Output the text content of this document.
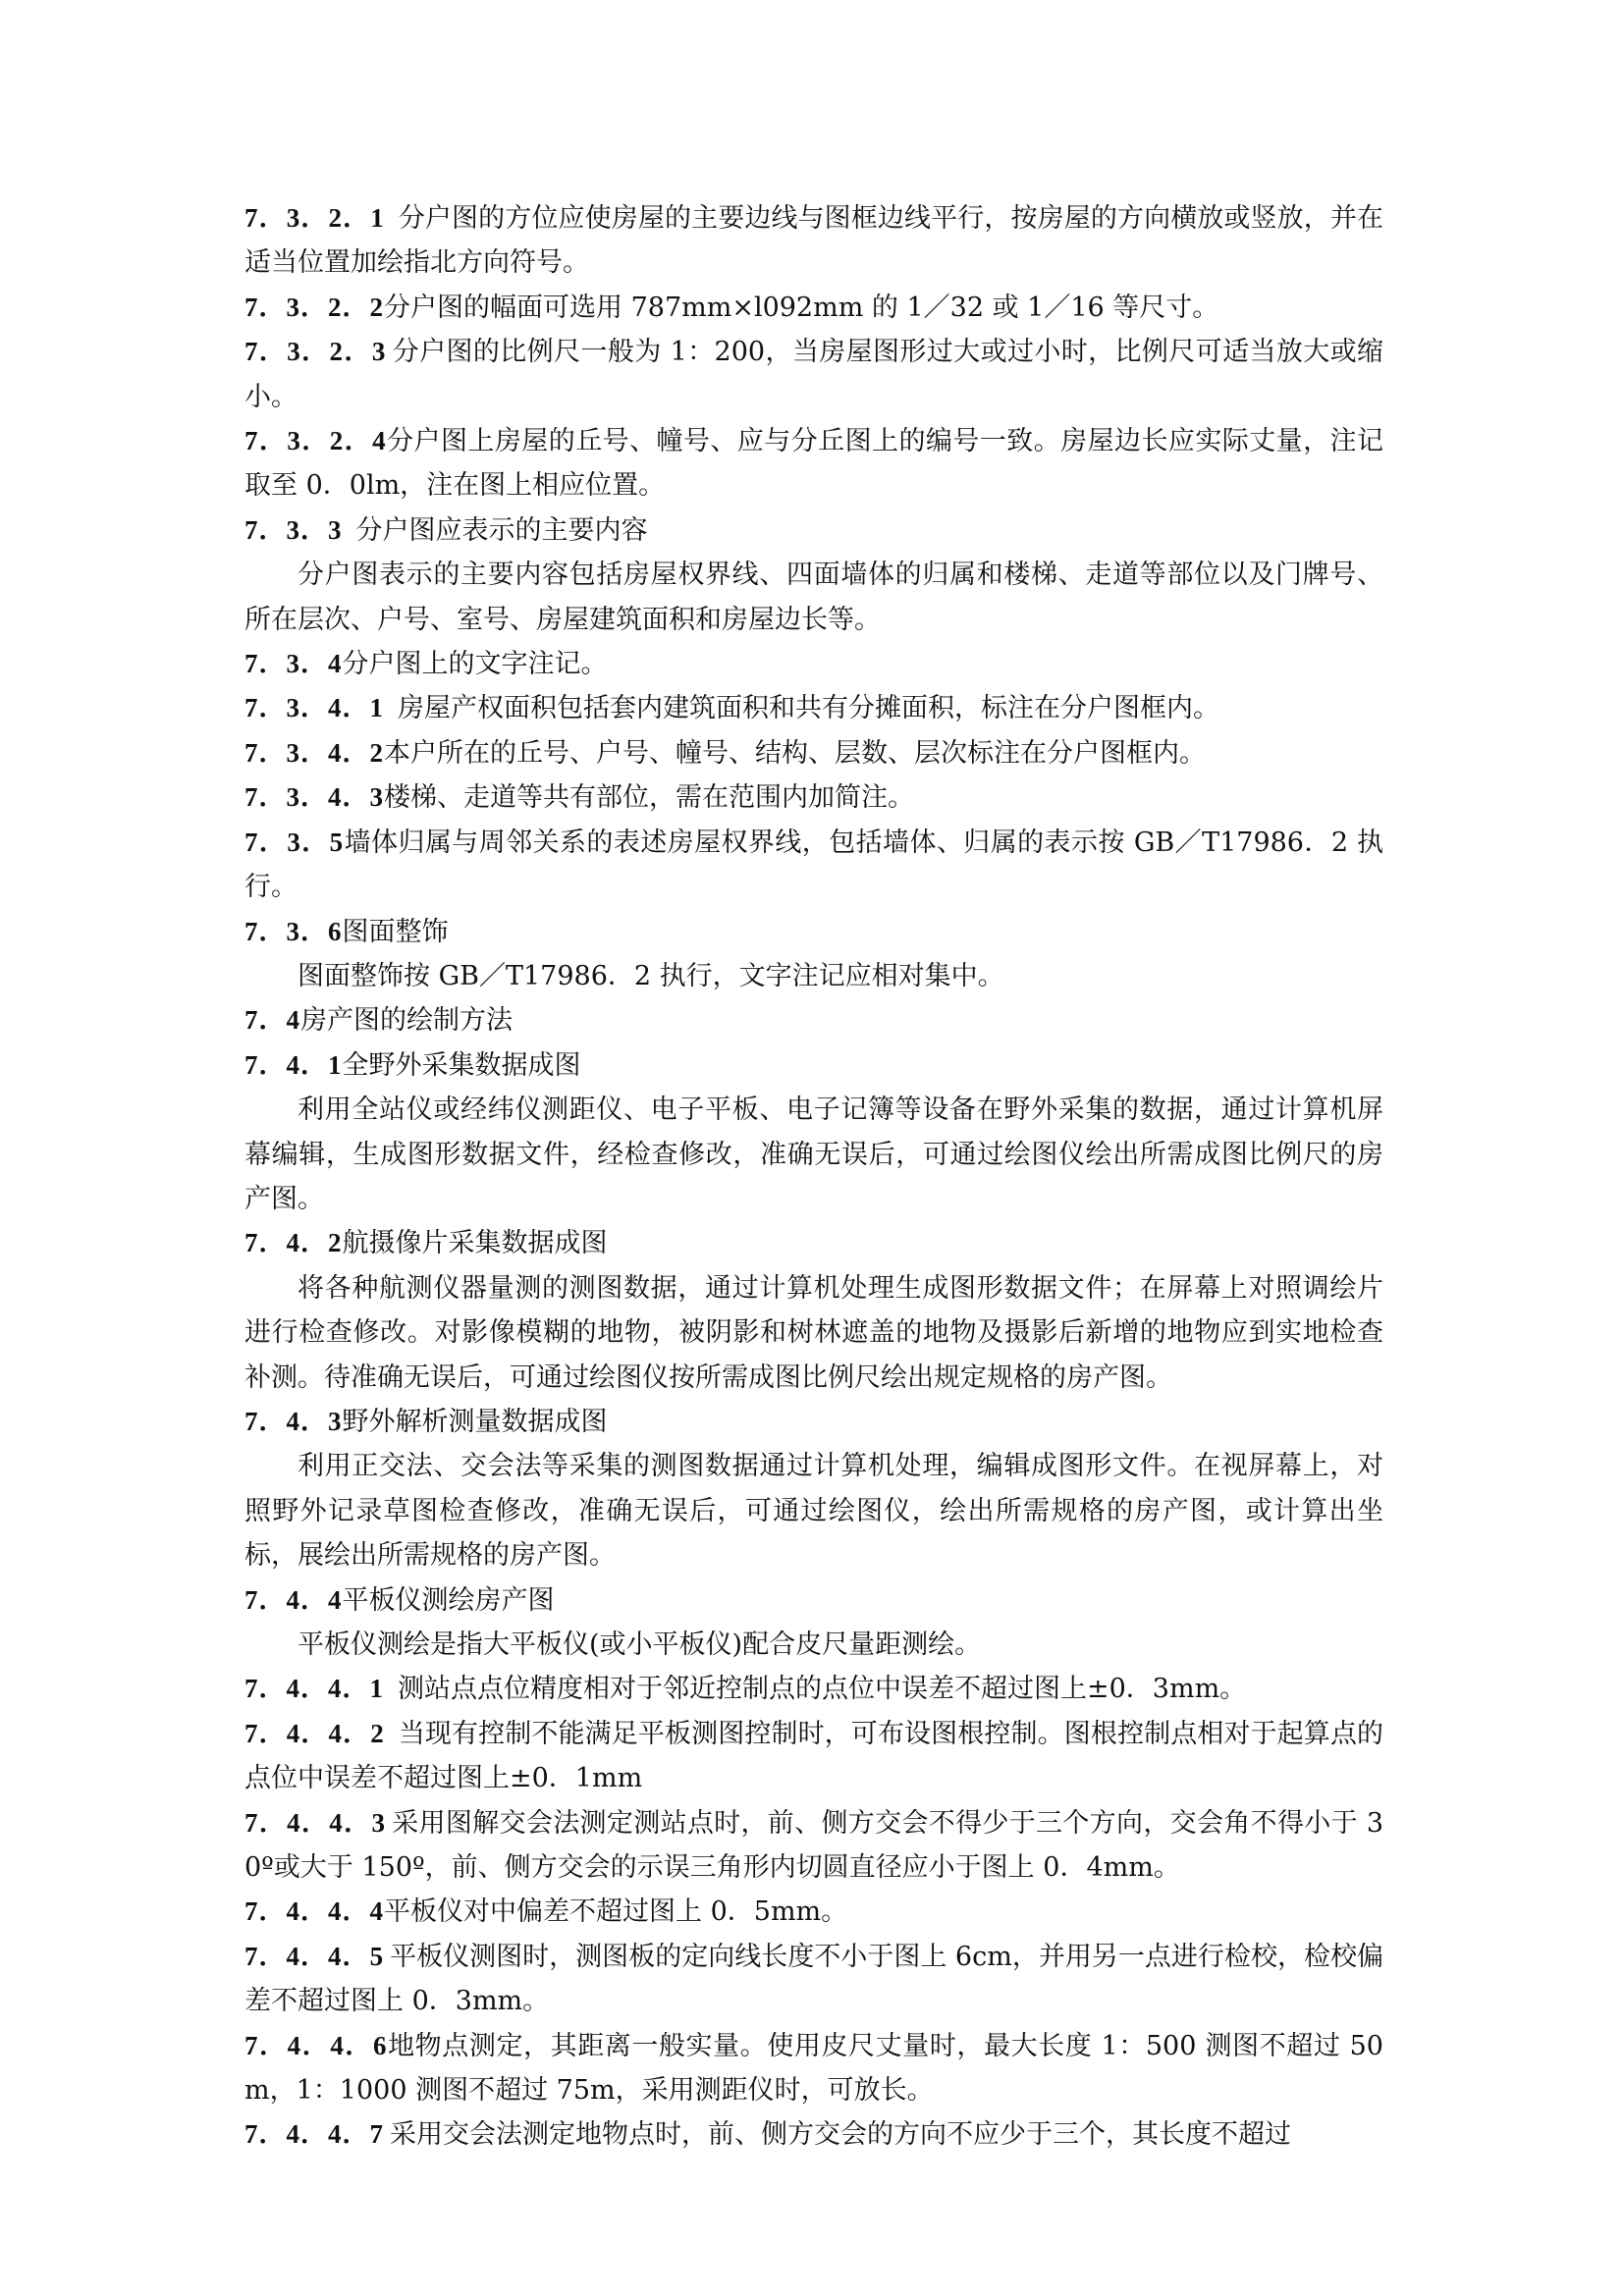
7．3．2．1 分户图的方位应使房屋的主要边线与图框边线平行，按房屋的方向横放或竖放，并在适当位置加绘指北方向符号。

7．3．2．2分户图的幅面可选用 787mm×l092mm 的 1／32 或 1／16 等尺寸。

7．3．2．3 分户图的比例尺一般为 1：200，当房屋图形过大或过小时，比例尺可适当放大或缩小。

7．3．2．4分户图上房屋的丘号、幢号、应与分丘图上的编号一致。房屋边长应实际丈量，注记取至 0．0lm，注在图上相应位置。

7．3．3 分户图应表示的主要内容

分户图表示的主要内容包括房屋权界线、四面墙体的归属和楼梯、走道等部位以及门牌号、所在层次、户号、室号、房屋建筑面积和房屋边长等。

7．3．4分户图上的文字注记。

7．3．4．1 房屋产权面积包括套内建筑面积和共有分摊面积，标注在分户图框内。

7．3．4．2本户所在的丘号、户号、幢号、结构、层数、层次标注在分户图框内。

7．3．4．3楼梯、走道等共有部位，需在范围内加简注。

7．3．5墙体归属与周邻关系的表述房屋权界线，包括墙体、归属的表示按 GB／T17986．2 执行。

7．3．6图面整饰

图面整饰按 GB／T17986．2 执行，文字注记应相对集中。

7．4房产图的绘制方法

7．4．1全野外采集数据成图

利用全站仪或经纬仪测距仪、电子平板、电子记簿等设备在野外采集的数据，通过计算机屏幕编辑，生成图形数据文件，经检查修改，准确无误后，可通过绘图仪绘出所需成图比例尺的房产图。

7．4．2航摄像片采集数据成图

将各种航测仪器量测的测图数据，通过计算机处理生成图形数据文件；在屏幕上对照调绘片进行检查修改。对影像模糊的地物，被阴影和树林遮盖的地物及摄影后新增的地物应到实地检查补测。待准确无误后，可通过绘图仪按所需成图比例尺绘出规定规格的房产图。

7．4．3野外解析测量数据成图

利用正交法、交会法等采集的测图数据通过计算机处理，编辑成图形文件。在视屏幕上，对照野外记录草图检查修改，准确无误后，可通过绘图仪，绘出所需规格的房产图，或计算出坐标，展绘出所需规格的房产图。

7．4．4平板仪测绘房产图

平板仪测绘是指大平板仪(或小平板仪)配合皮尺量距测绘。

7．4．4．1 测站点点位精度相对于邻近控制点的点位中误差不超过图上±0．3mm。

7．4．4．2 当现有控制不能满足平板测图控制时，可布设图根控制。图根控制点相对于起算点的点位中误差不超过图上±0．1mm

7．4．4．3 采用图解交会法测定测站点时，前、侧方交会不得少于三个方向，交会角不得小于 30º或大于 150º，前、侧方交会的示误三角形内切圆直径应小于图上 0．4mm。

7．4．4．4平板仪对中偏差不超过图上 0．5mm。

7．4．4．5 平板仪测图时，测图板的定向线长度不小于图上 6cm，并用另一点进行检校，检校偏差不超过图上 0．3mm。

7．4．4．6地物点测定，其距离一般实量。使用皮尺丈量时，最大长度 1：500 测图不超过 50m，1：1000 测图不超过 75m，采用测距仪时，可放长。

7．4．4．7 采用交会法测定地物点时，前、侧方交会的方向不应少于三个，其长度不超过
